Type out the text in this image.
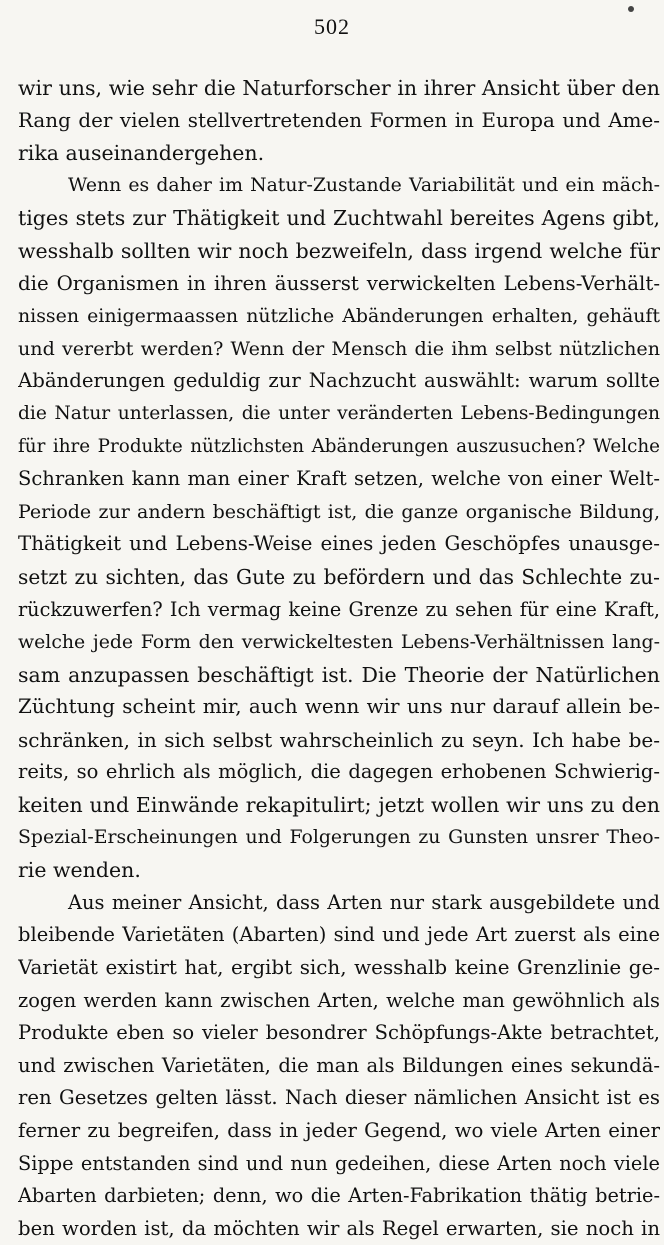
502
wir uns, wie sehr die Naturforscher in ihrer Ansicht über den
Rang der vielen stellvertretenden Formen in Europa und Ame-
rika auseinandergehen.
Wenn es daher im Natur-Zustande Variabilität und ein mäch-
tiges stets zur Thätigkeit und Zuchtwahl bereites Agens gibt,
wesshalb sollten wir noch bezweifeln, dass irgend welche für
die Organismen in ihren äusserst verwickelten Lebens-Verhält-
nissen einigermaassen nützliche Abänderungen erhalten, gehäuft
und vererbt werden? Wenn der Mensch die ihm selbst nützlichen
Abänderungen geduldig zur Nachzucht auswählt: warum sollte
die Natur unterlassen, die unter veränderten Lebens-Bedingungen
für ihre Produkte nützlichsten Abänderungen auszusuchen? Welche
Schranken kann man einer Kraft setzen, welche von einer Welt-
Periode zur andern beschäftigt ist, die ganze organische Bildung,
Thätigkeit und Lebens-Weise eines jeden Geschöpfes unausge-
setzt zu sichten, das Gute zu befördern und das Schlechte zu-
rückzuwerfen? Ich vermag keine Grenze zu sehen für eine Kraft,
welche jede Form den verwickeltesten Lebens-Verhältnissen lang-
sam anzupassen beschäftigt ist. Die Theorie der Natürlichen
Züchtung scheint mir, auch wenn wir uns nur darauf allein be-
schränken, in sich selbst wahrscheinlich zu seyn. Ich habe be-
reits, so ehrlich als möglich, die dagegen erhobenen Schwierig-
keiten und Einwände rekapitulirt; jetzt wollen wir uns zu den
Spezial-Erscheinungen und Folgerungen zu Gunsten unsrer Theo-
rie wenden.
Aus meiner Ansicht, dass Arten nur stark ausgebildete und
bleibende Varietäten (Abarten) sind und jede Art zuerst als eine
Varietät existirt hat, ergibt sich, wesshalb keine Grenzlinie ge-
zogen werden kann zwischen Arten, welche man gewöhnlich als
Produkte eben so vieler besondrer Schöpfungs-Akte betrachtet,
und zwischen Varietäten, die man als Bildungen eines sekundä-
ren Gesetzes gelten lässt. Nach dieser nämlichen Ansicht ist es
ferner zu begreifen, dass in jeder Gegend, wo viele Arten einer
Sippe entstanden sind und nun gedeihen, diese Arten noch viele
Abarten darbieten; denn, wo die Arten-Fabrikation thätig betrie-
ben worden ist, da möchten wir als Regel erwarten, sie noch in
